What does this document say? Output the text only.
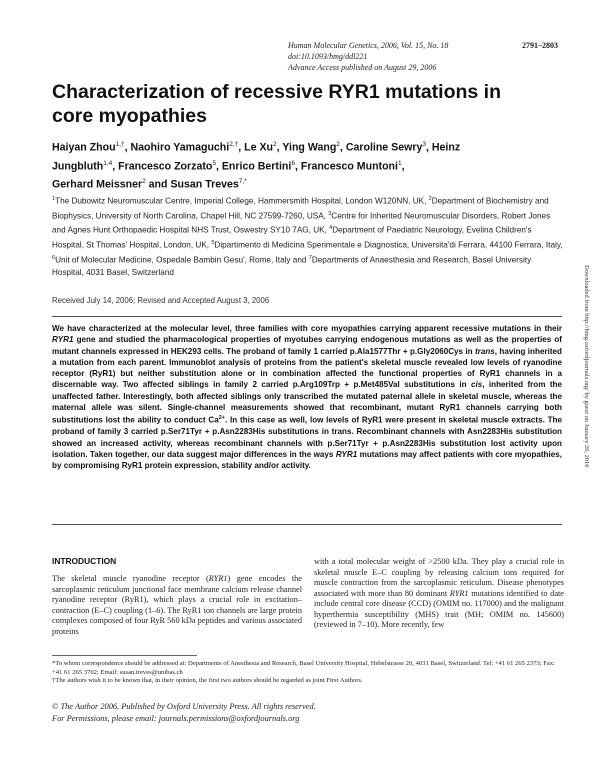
Human Molecular Genetics, 2006, Vol. 15, No. 18	2791–2803
doi:10.1093/hmg/ddl221
Advance Access published on August 29, 2006
Characterization of recessive RYR1 mutations in core myopathies
Haiyan Zhou$^{1,\dagger}$, Naohiro Yamaguchi$^{2,\dagger}$, Le Xu$^2$, Ying Wang$^2$, Caroline Sewry$^3$, Heinz Jungbluth$^{1,4}$, Francesco Zorzato$^5$, Enrico Bertini$^6$, Francesco Muntoni$^1$,
Gerhard Meissner$^2$ and Susan Treves$^{7,*}$
$^1$The Dubowitz Neuromuscular Centre, Imperial College, Hammersmith Hospital, London W120NN, UK, $^2$Department of Biochemistry and Biophysics, University of North Carolina, Chapel Hill, NC 27599-7260, USA, $^3$Centre for Inherited Neuromuscular Disorders, Robert Jones and Agnes Hunt Orthopaedic Hospital NHS Trust, Oswestry SY10 7AG, UK, $^4$Department of Paediatric Neurology, Evelina Children's Hospital, St Thomas' Hospital, London, UK, $^5$Dipartimento di Medicina Sperimentale e Diagnostica, Universita'di Ferrara, 44100 Ferrara, Italy, $^6$Unit of Molecular Medicine, Ospedale Bambin Gesu', Rome, Italy and $^7$Departments of Anaesthesia and Research, Basel University Hospital, 4031 Basel, Switzerland
Received July 14, 2006; Revised and Accepted August 3, 2006
We have characterized at the molecular level, three families with core myopathies carrying apparent recessive mutations in their RYR1 gene and studied the pharmacological properties of myotubes carrying endogenous mutations as well as the properties of mutant channels expressed in HEK293 cells. The proband of family 1 carried p.Ala1577Thr + p.Gly2060Cys in trans, having inherited a mutation from each parent. Immunoblot analysis of proteins from the patient's skeletal muscle revealed low levels of ryanodine receptor (RyR1) but neither substitution alone or in combination affected the functional properties of RyR1 channels in a discernable way. Two affected siblings in family 2 carried p.Arg109Trp + p.Met485Val substitutions in cis, inherited from the unaffected father. Interestingly, both affected siblings only transcribed the mutated paternal allele in skeletal muscle, whereas the maternal allele was silent. Single-channel measurements showed that recombinant, mutant RyR1 channels carrying both substitutions lost the ability to conduct $Ca^{2+}$. In this case as well, low levels of RyR1 were present in skeletal muscle extracts. The proband of family 3 carried p.Ser71Tyr + p.Asn2283His substitutions in trans. Recombinant channels with Asn2283His substitution showed an increased activity, whereas recombinant channels with p.Ser71Tyr + p.Asn2283His substitution lost activity upon isolation. Taken together, our data suggest major differences in the ways RYR1 mutations may affect patients with core myopathies, by compromising RyR1 protein expression, stability and/or activity.
INTRODUCTION
The skeletal muscle ryanodine receptor (RYR1) gene encodes the sarcoplasmic reticulum junctional face membrane calcium release channel ryanodine receptor (RyR1), which plays a crucial role in excitation–contraction (E–C) coupling (1–6). The RyR1 ion channels are large protein complexes composed of four RyR 560 kDa peptides and various associated proteins
with a total molecular weight of >2500 kDa. They play a crucial role in skeletal muscle E–C coupling by releasing calcium ions required for muscle contraction from the sarcoplasmic reticulum. Disease phenotypes associated with more than 80 dominant RYR1 mutations identified to date include central core disease (CCD) (OMIM no. 117000) and the malignant hyperthermia susceptibility (MHS) trait (MH; OMIM no. 145600) (reviewed in 7–10). More recently, few
*To whom correspondence should be addressed at: Departments of Anesthesia and Research, Basel University Hospital, Hebelstrasse 20, 4031 Basel, Switzerland. Tel: +41 61 265 2373; Fax: +41 61 265 3702; Email: susan.treves@unibas.ch
†The authors wish it to be known that, in their opinion, the first two authors should be regarded as joint First Authors.
© The Author 2006. Published by Oxford University Press. All rights reserved.
For Permissions, please email: journals.permissions@oxfordjournals.org
Downloaded from http://hmg.oxfordjournals.org/ by guest on January 20, 2016
